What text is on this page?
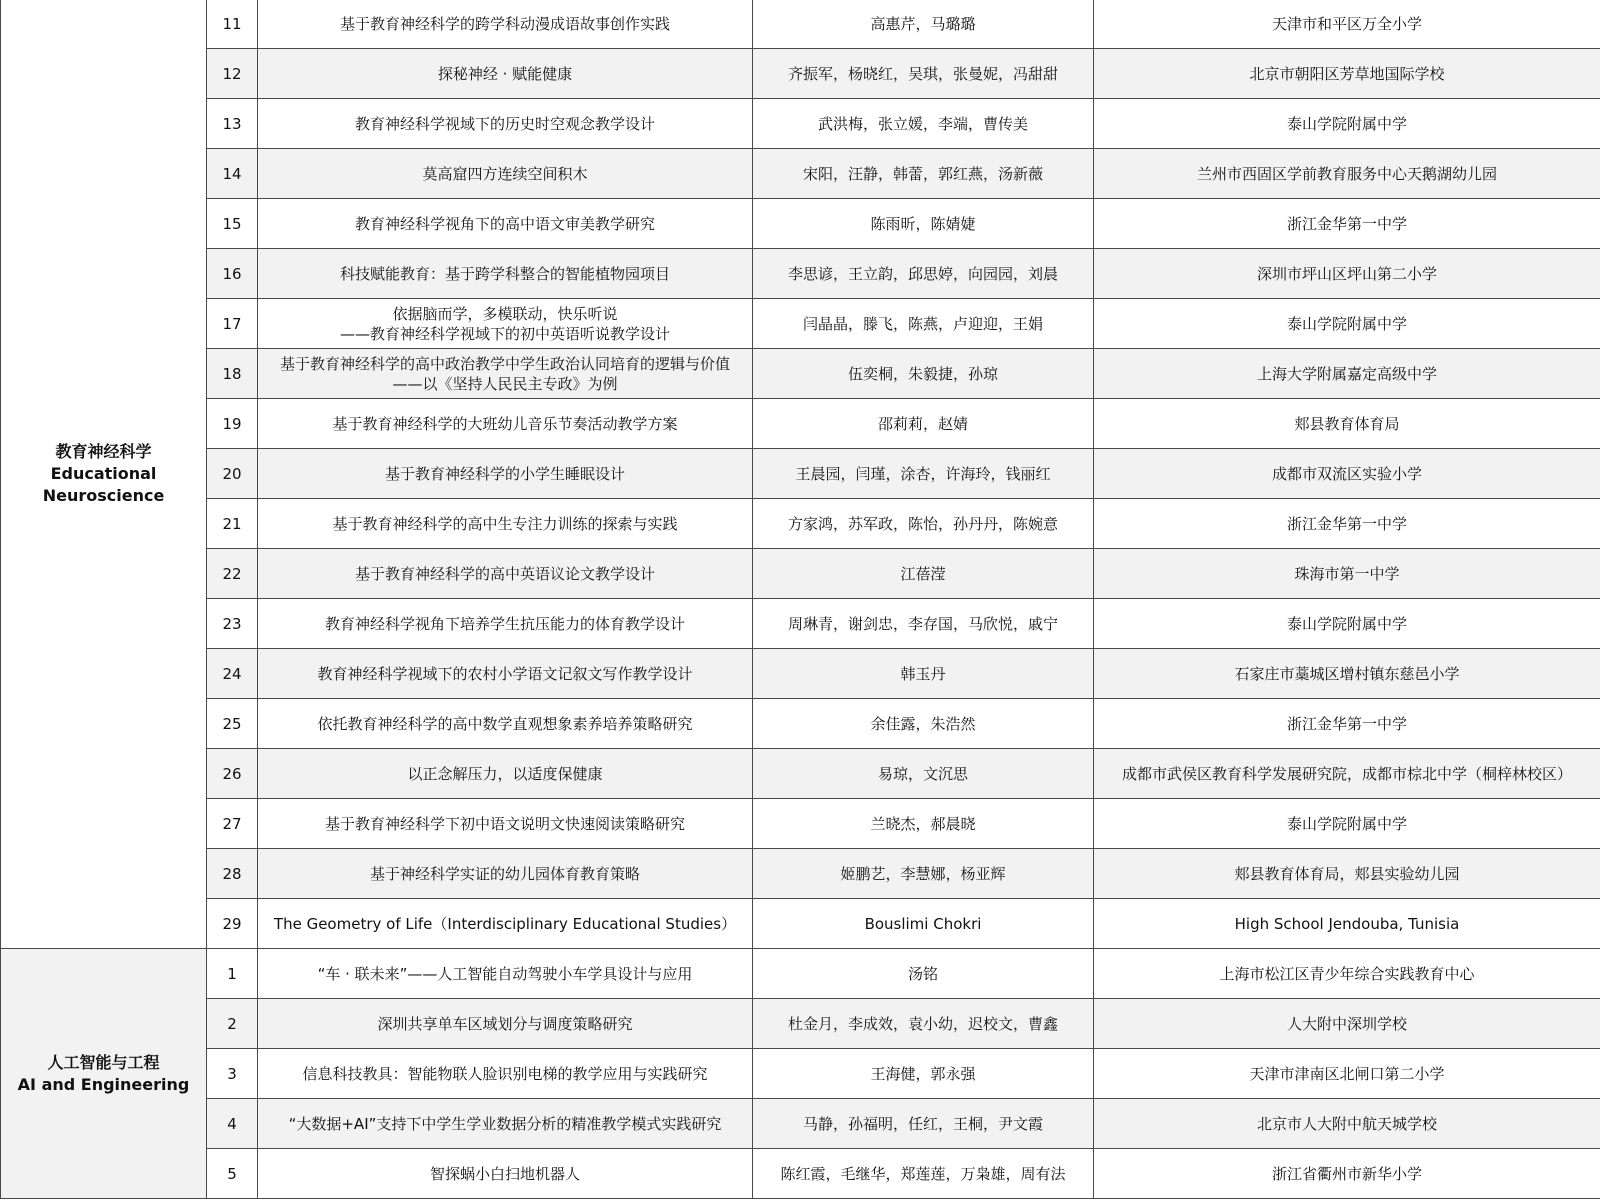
教育神经科学
Educational
Neuroscience	11	基于教育神经科学的跨学科动漫成语故事创作实践	高惠芹，马璐璐	天津市和平区万全小学
	12	探秘神经 · 赋能健康	齐振军，杨晓红，吴琪，张曼妮，冯甜甜	北京市朝阳区芳草地国际学校
	13	教育神经科学视域下的历史时空观念教学设计	武洪梅，张立媛，李端，曹传美	泰山学院附属中学
	14	莫高窟四方连续空间积木	宋阳，汪静，韩蕾，郭红燕，汤新薇	兰州市西固区学前教育服务中心天鹅湖幼儿园
	15	教育神经科学视角下的高中语文审美教学研究	陈雨昕，陈婧婕	浙江金华第一中学
	16	科技赋能教育：基于跨学科整合的智能植物园项目	李思谚，王立韵，邱思婷，向园园，刘晨	深圳市坪山区坪山第二小学
	17	依据脑而学，多模联动，快乐听说
——教育神经科学视域下的初中英语听说教学设计	闫晶晶，滕飞，陈燕，卢迎迎，王娟	泰山学院附属中学
	18	基于教育神经科学的高中政治教学中学生政治认同培育的逻辑与价值
——以《坚持人民民主专政》为例	伍奕桐，朱毅捷，孙琼	上海大学附属嘉定高级中学
	19	基于教育神经科学的大班幼儿音乐节奏活动教学方案	邵莉莉，赵婧	郏县教育体育局
	20	基于教育神经科学的小学生睡眠设计	王晨园，闫瑾，涂杏，许海玲，钱丽红	成都市双流区实验小学
	21	基于教育神经科学的高中生专注力训练的探索与实践	方家鸿，苏军政，陈怡，孙丹丹，陈婉意	浙江金华第一中学
	22	基于教育神经科学的高中英语议论文教学设计	江蓓滢	珠海市第一中学
	23	教育神经科学视角下培养学生抗压能力的体育教学设计	周琳青，谢剑忠，李存国，马欣悦，戚宁	泰山学院附属中学
	24	教育神经科学视域下的农村小学语文记叙文写作教学设计	韩玉丹	石家庄市藁城区增村镇东慈邑小学
	25	依托教育神经科学的高中数学直观想象素养培养策略研究	余佳露，朱浩然	浙江金华第一中学
	26	以正念解压力，以适度保健康	易琼，文沉思	成都市武侯区教育科学发展研究院，成都市棕北中学（桐梓林校区）
	27	基于教育神经科学下初中语文说明文快速阅读策略研究	兰晓杰，郝晨晓	泰山学院附属中学
	28	基于神经科学实证的幼儿园体育教育策略	姬鹏艺，李慧娜，杨亚辉	郏县教育体育局，郏县实验幼儿园
	29	The Geometry of Life（Interdisciplinary Educational Studies）	Bouslimi Chokri	High School Jendouba, Tunisia

人工智能与工程
AI and Engineering	1	“车 · 联未来”——人工智能自动驾驶小车学具设计与应用	汤铭	上海市松江区青少年综合实践教育中心
	2	深圳共享单车区域划分与调度策略研究	杜金月，李成效，袁小幼，迟校文，曹鑫	人大附中深圳学校
	3	信息科技教具：智能物联人脸识别电梯的教学应用与实践研究	王海健，郭永强	天津市津南区北闸口第二小学
	4	“大数据+AI”支持下中学生学业数据分析的精准教学模式实践研究	马静，孙福明，任红，王桐，尹文霞	北京市人大附中航天城学校
	5	智探蜗小白扫地机器人	陈红霞，毛继华，郑莲莲，万枭雄，周有法	浙江省衢州市新华小学
